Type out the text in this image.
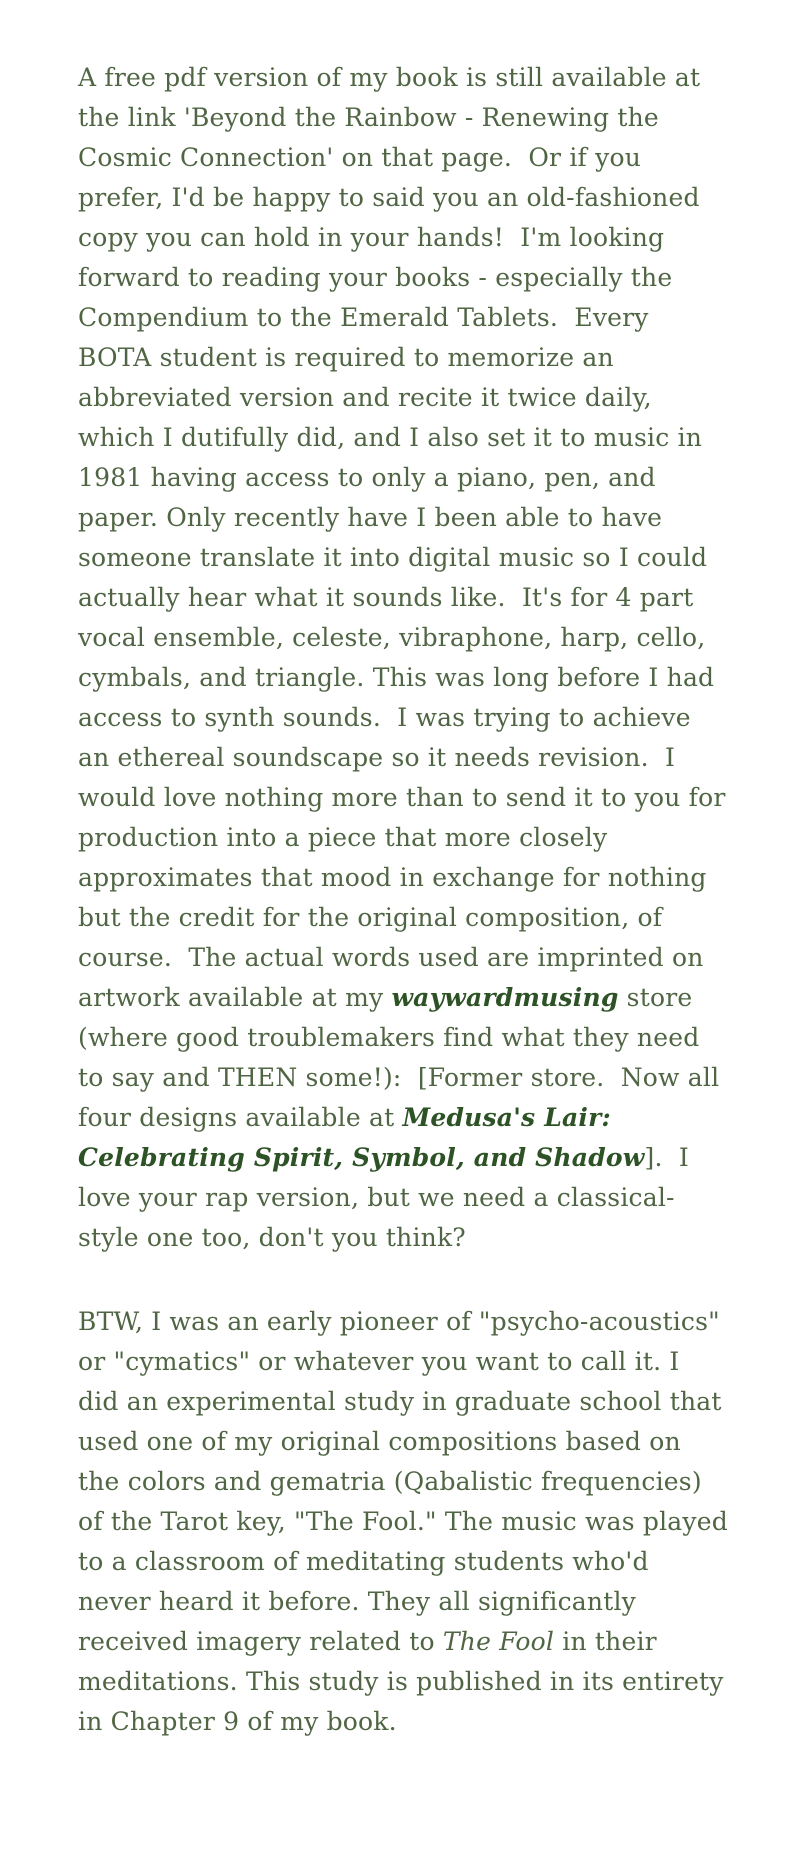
A free pdf version of my book is still available at the link 'Beyond the Rainbow - Renewing the Cosmic Connection' on that page.  Or if you prefer, I'd be happy to said you an old-fashioned copy you can hold in your hands!  I'm looking forward to reading your books - especially the Compendium to the Emerald Tablets.  Every BOTA student is required to memorize an abbreviated version and recite it twice daily, which I dutifully did, and I also set it to music in 1981 having access to only a piano, pen, and paper. Only recently have I been able to have someone translate it into digital music so I could actually hear what it sounds like.  It's for 4 part vocal ensemble, celeste, vibraphone, harp, cello, cymbals, and triangle. This was long before I had access to synth sounds.  I was trying to achieve an ethereal soundscape so it needs revision.  I would love nothing more than to send it to you for production into a piece that more closely approximates that mood in exchange for nothing but the credit for the original composition, of course.  The actual words used are imprinted on artwork available at my waywardmusing store (where good troublemakers find what they need to say and THEN some!):  [Former store.  Now all four designs available at Medusa's Lair: Celebrating Spirit, Symbol, and Shadow].  I love your rap version, but we need a classical-style one too, don't you think?

BTW, I was an early pioneer of "psycho-acoustics" or "cymatics" or whatever you want to call it. I did an experimental study in graduate school that used one of my original compositions based on the colors and gematria (Qabalistic frequencies) of the Tarot key, "The Fool." The music was played to a classroom of meditating students who'd never heard it before. They all significantly received imagery related to The Fool in their meditations. This study is published in its entirety in Chapter 9 of my book.
